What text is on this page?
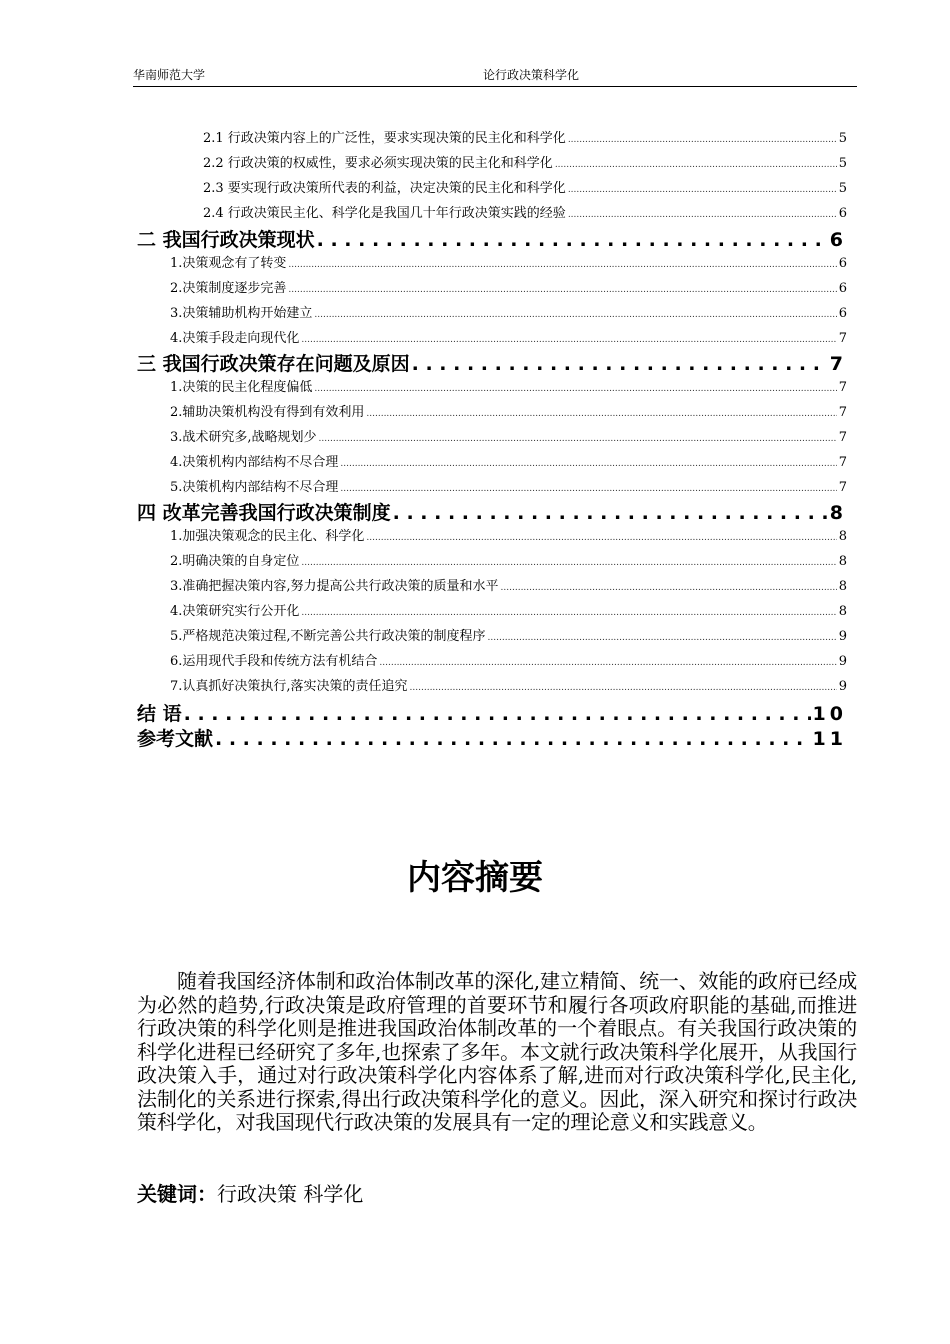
华南师范大学	论行政决策科学化
2.1 行政决策内容上的广泛性，要求实现决策的民主化和科学化 .....	5
2.2 行政决策的权威性，要求必须实现决策的民主化和科学化 .....	5
2.3 要实现行政决策所代表的利益，决定决策的民主化和科学化 .....	5
2.4 行政决策民主化、科学化是我国几十年行政决策实践的经验 .....	6
二 我国行政决策现状 . . .	6
1.决策观念有了转变 .....	6
2.决策制度逐步完善 .....	6
3.决策辅助机构开始建立 .....	6
4.决策手段走向现代化 .....	7
三 我国行政决策存在问题及原因 . . .	7
1.决策的民主化程度偏低 .....	7
2.辅助决策机构没有得到有效利用 .....	7
3.战术研究多,战略规划少 .....	7
4.决策机构内部结构不尽合理 .....	7
5.决策机构内部结构不尽合理 .....	7
四 改革完善我国行政决策制度 . . .	8
1.加强决策观念的民主化、科学化 .....	8
2.明确决策的自身定位 .....	8
3.准确把握决策内容,努力提高公共行政决策的质量和水平 .....	8
4.决策研究实行公开化 .....	8
5.严格规范决策过程,不断完善公共行政决策的制度程序 .....	9
6.运用现代手段和传统方法有机结合 .....	9
7.认真抓好决策执行,落实决策的责任追究 .....	9
结 语 . . .	10
参考文献 . . .	11
内容摘要
随着我国经济体制和政治体制改革的深化,建立精简、统一、效能的政府已经成为必然的趋势,行政决策是政府管理的首要环节和履行各项政府职能的基础,而推进行政决策的科学化则是推进我国政治体制改革的一个着眼点。有关我国行政决策的科学化进程已经研究了多年,也探索了多年。本文就行政决策科学化展开，从我国行政决策入手，通过对行政决策科学化内容体系了解,进而对行政决策科学化,民主化,法制化的关系进行探索,得出行政决策科学化的意义。因此，深入研究和探讨行政决策科学化，对我国现代行政决策的发展具有一定的理论意义和实践意义。
关键词：行政决策 科学化
